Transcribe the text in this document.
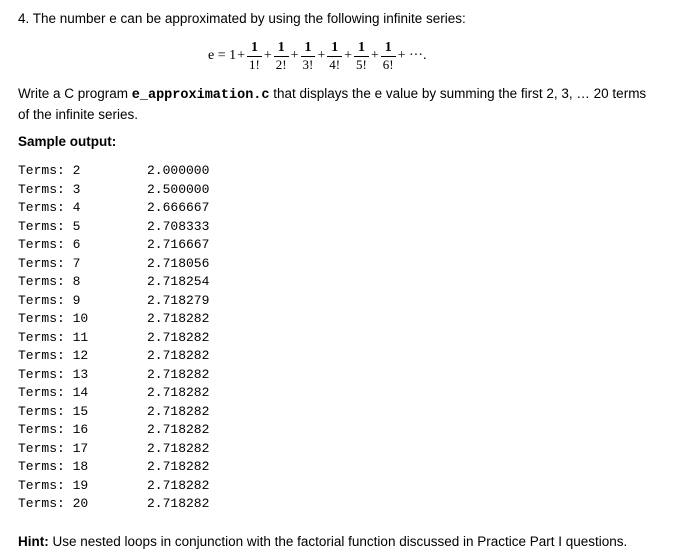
4. The number e can be approximated by using the following infinite series:
$e = 1 + \frac{1}{1!} + \frac{1}{2!} + \frac{1}{3!} + \frac{1}{4!} + \frac{1}{5!} + \frac{1}{6!}$ + ···.
Write a C program e_approximation.c that displays the e value by summing the first 2, 3, … 20 terms of the infinite series.
Sample output:
Terms: 2	2.000000
Terms: 3	2.500000
Terms: 4	2.666667
Terms: 5	2.708333
Terms: 6	2.716667
Terms: 7	2.718056
Terms: 8	2.718254
Terms: 9	2.718279
Terms: 10	2.718282
Terms: 11	2.718282
Terms: 12	2.718282
Terms: 13	2.718282
Terms: 14	2.718282
Terms: 15	2.718282
Terms: 16	2.718282
Terms: 17	2.718282
Terms: 18	2.718282
Terms: 19	2.718282
Terms: 20	2.718282
Hint: Use nested loops in conjunction with the factorial function discussed in Practice Part I questions.
